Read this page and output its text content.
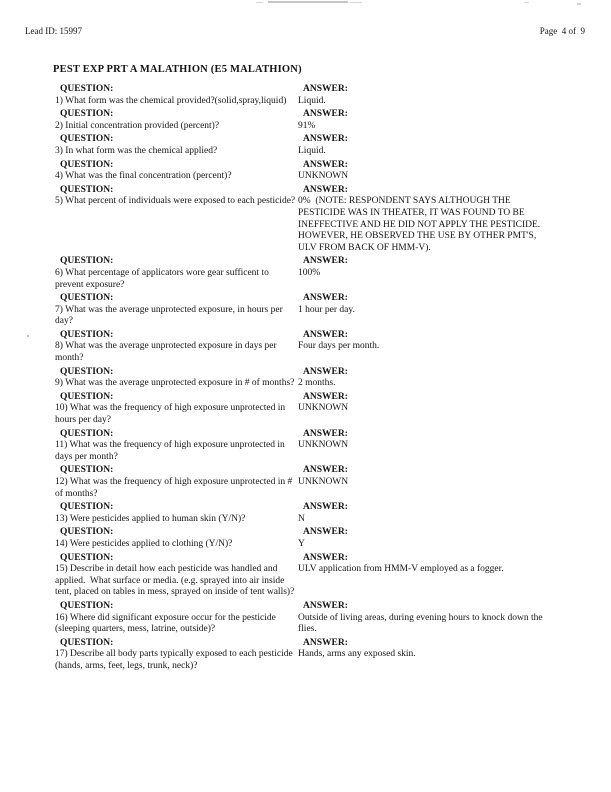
Lead ID: 15997	Page  4 of  9
PEST EXP PRT A MALATHION (E5 MALATHION)
QUESTION:
1) What form was the chemical provided?(solid,spray,liquid)
ANSWER:
Liquid.
QUESTION:
2) Initial concentration provided (percent)?
ANSWER:
91%
QUESTION:
3) In what form was the chemical applied?
ANSWER:
Liquid.
QUESTION:
4) What was the final concentration (percent)?
ANSWER:
UNKNOWN
QUESTION:
5) What percent of individuals were exposed to each pesticide?
ANSWER:
0%  (NOTE: RESPONDENT SAYS ALTHOUGH THE PESTICIDE WAS IN THEATER, IT WAS FOUND TO BE INEFFECTIVE AND HE DID NOT APPLY THE PESTICIDE.  HOWEVER, HE OBSERVED THE USE BY OTHER PMT'S, ULV FROM BACK OF HMM-V).
QUESTION:
6) What percentage of applicators wore gear sufficent to prevent exposure?
ANSWER:
100%
QUESTION:
7) What was the average unprotected exposure, in hours per day?
ANSWER:
1 hour per day.
QUESTION:
8) What was the average unprotected exposure in days per month?
ANSWER:
Four days per month.
QUESTION:
9) What was the average unprotected exposure in # of months?
ANSWER:
2 months.
QUESTION:
10) What was the frequency of high exposure unprotected in hours per day?
ANSWER:
UNKNOWN
QUESTION:
11) What was the frequency of high exposure unprotected in days per month?
ANSWER:
UNKNOWN
QUESTION:
12) What was the frequency of high exposure unprotected in # of months?
ANSWER:
UNKNOWN
QUESTION:
13) Were pesticides applied to human skin (Y/N)?
ANSWER:
N
QUESTION:
14) Were pesticides applied to clothing (Y/N)?
ANSWER:
Y
QUESTION:
15) Describe in detail how each pesticide was handled and applied.  What surface or media. (e.g. sprayed into air inside tent, placed on tables in mess, sprayed on inside of tent walls)?
ANSWER:
ULV application from HMM-V employed as a fogger.
QUESTION:
16) Where did significant exposure occur for the pesticide (sleeping quarters, mess, latrine, outside)?
ANSWER:
Outside of living areas, during evening hours to knock down the flies.
QUESTION:
17) Describe all body parts typically exposed to each pesticide (hands, arms, feet, legs, trunk, neck)?
ANSWER:
Hands, arms any exposed skin.
